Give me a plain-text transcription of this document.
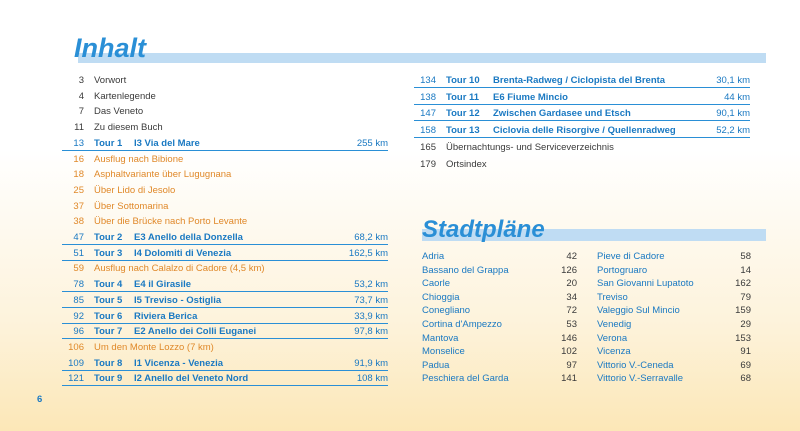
Inhalt
3 Vorwort
4 Kartenlegende
7 Das Veneto
11 Zu diesem Buch
13 Tour 1 I3 Via del Mare	255 km
16 Ausflug nach Bibione
18 Asphaltvariante über Lugugnana
25 Über Lido di Jesolo
37 Über Sottomarina
38 Über die Brücke nach Porto Levante
47 Tour 2 E3 Anello della Donzella	68,2 km
51 Tour 3 I4 Dolomiti di Venezia	162,5 km
59 Ausflug nach Calalzo di Cadore (4,5 km)
78 Tour 4 E4 il Girasile	53,2 km
85 Tour 5 I5 Treviso - Ostiglia	73,7 km
92 Tour 6 Riviera Berica	33,9 km
96 Tour 7 E2 Anello dei Colli Euganei	97,8 km
106 Um den Monte Lozzo (7 km)
109 Tour 8 I1 Vicenza - Venezia	91,9 km
121 Tour 9 I2 Anello del Veneto Nord	108 km
134 Tour 10 Brenta-Radweg / Ciclopista del Brenta	30,1 km
138 Tour 11 E6 Fiume Mincio	44 km
147 Tour 12 Zwischen Gardasee und Etsch	90,1 km
158 Tour 13 Ciclovia delle Risorgive / Quellenradweg	52,2 km
165 Übernachtungs- und Serviceverzeichnis
179 Ortsindex
Stadtpläne
Adria	42
Bassano del Grappa	126
Caorle	20
Chioggia	34
Conegliano	72
Cortina d'Ampezzo	53
Mantova	146
Monselice	102
Padua	97
Peschiera del Garda	141
Pieve di Cadore	58
Portogruaro	14
San Giovanni Lupatoto	162
Treviso	79
Valeggio Sul Mincio	159
Venedig	29
Verona	153
Vicenza	91
Vittorio V.-Ceneda	69
Vittorio V.-Serravalle	68
6
